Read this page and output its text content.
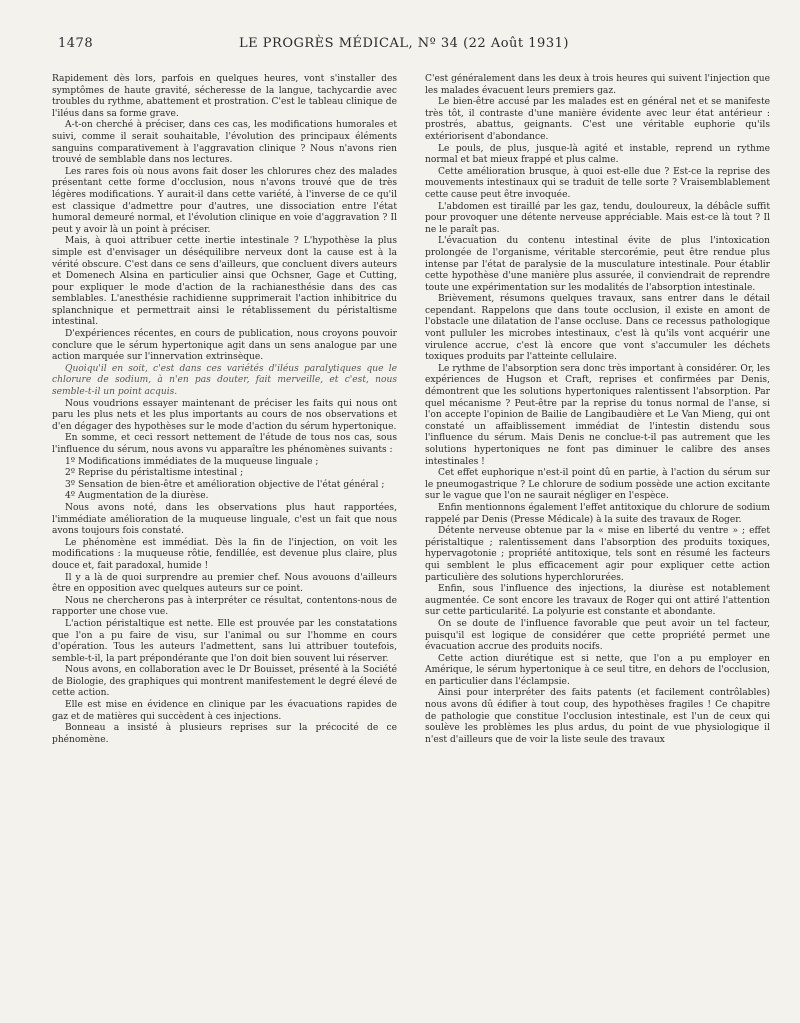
1478	LE PROGRÈS MÉDICAL, Nº 34 (22 Août 1931)

Rapidement dès lors, parfois en quelques heures, vont s'installer des symptômes de haute gravité, sécheresse de la langue, tachycardie avec troubles du rythme, abattement et prostration. C'est le tableau clinique de l'iléus dans sa forme grave.

A-t-on cherché à préciser, dans ces cas, les modifications humorales et suivi, comme il serait souhaitable, l'évolution des principaux éléments sanguins comparativement à l'aggravation clinique ? Nous n'avons rien trouvé de semblable dans nos lectures.

Les rares fois où nous avons fait doser les chlorures chez des malades présentant cette forme d'occlusion, nous n'avons trouvé que de très légères modifications. Y aurait-il dans cette variété, à l'inverse de ce qu'il est classique d'admettre pour d'autres, une dissociation entre l'état humoral demeuré normal, et l'évolution clinique en voie d'aggravation ? Il peut y avoir là un point à préciser.

Mais, à quoi attribuer cette inertie intestinale ? L'hypothèse la plus simple est d'envisager un déséquilibre nerveux dont la cause est à la vérité obscure. C'est dans ce sens d'ailleurs, que concluent divers auteurs et Domenech Alsina en particulier ainsi que Ochsner, Gage et Cutting, pour expliquer le mode d'action de la rachianesthésie dans des cas semblables. L'anesthésie rachidienne supprimerait l'action inhibitrice du splanchnique et permettrait ainsi le rétablissement du péristaltisme intestinal.

D'expériences récentes, en cours de publication, nous croyons pouvoir conclure que le sérum hypertonique agit dans un sens analogue par une action marquée sur l'innervation extrinsèque.

Quoiqu'il en soit, c'est dans ces variétés d'iléus paralytiques que le chlorure de sodium, à n'en pas douter, fait merveille, et c'est, nous semble-t-il un point acquis.

Nous voudrions essayer maintenant de préciser les faits qui nous ont paru les plus nets et les plus importants au cours de nos observations et d'en dégager des hypothèses sur le mode d'action du sérum hypertonique.

En somme, et ceci ressort nettement de l'étude de tous nos cas, sous l'influence du sérum, nous avons vu apparaître les phénomènes suivants :

1º Modifications immédiates de la muqueuse linguale ;

2º Reprise du péristaltisme intestinal ;

3º Sensation de bien-être et amélioration objective de l'état général ;

4º Augmentation de la diurèse.

Nous avons noté, dans les observations plus haut rapportées, l'immédiate amélioration de la muqueuse linguale, c'est un fait que nous avons toujours fois constaté.

Le phénomène est immédiat. Dès la fin de l'injection, on voit les modifications : la muqueuse rôtie, fendillée, est devenue plus claire, plus douce et, fait paradoxal, humide !

Il y a là de quoi surprendre au premier chef. Nous avouons d'ailleurs être en opposition avec quelques auteurs sur ce point.

Nous ne chercherons pas à interpréter ce résultat, contentons-nous de rapporter une chose vue.

L'action péristaltique est nette. Elle est prouvée par les constatations que l'on a pu faire de visu, sur l'animal ou sur l'homme en cours d'opération. Tous les auteurs l'admettent, sans lui attribuer toutefois, semble-t-il, la part prépondérante que l'on doit bien souvent lui réserver.

Nous avons, en collaboration avec le Dr Bouisset, présenté à la Société de Biologie, des graphiques qui montrent manifestement le degré élevé de cette action.

Elle est mise en évidence en clinique par les évacuations rapides de gaz et de matières qui succèdent à ces injections.

Bonneau a insisté à plusieurs reprises sur la précocité de ce phénomène.

C'est généralement dans les deux à trois heures qui suivent l'injection que les malades évacuent leurs premiers gaz.

Le bien-être accusé par les malades est en général net et se manifeste très tôt, il contraste d'une manière évidente avec leur état antérieur : prostrés, abattus, geignants. C'est une véritable euphorie qu'ils extériorisent d'abondance.

Le pouls, de plus, jusque-là agité et instable, reprend un rythme normal et bat mieux frappé et plus calme.

Cette amélioration brusque, à quoi est-elle due ? Est-ce la reprise des mouvements intestinaux qui se traduit de telle sorte ? Vraisemblablement cette cause peut être invoquée.

L'abdomen est tiraillé par les gaz, tendu, douloureux, la débâcle suffit pour provoquer une détente nerveuse appréciable. Mais est-ce là tout ? Il ne le paraît pas.

L'évacuation du contenu intestinal évite de plus l'intoxication prolongée de l'organisme, véritable stercorémie, peut être rendue plus intense par l'état de paralysie de la musculature intestinale. Pour établir cette hypothèse d'une manière plus assurée, il conviendrait de reprendre toute une expérimentation sur les modalités de l'absorption intestinale.

Brièvement, résumons quelques travaux, sans entrer dans le détail cependant. Rappelons que dans toute occlusion, il existe en amont de l'obstacle une dilatation de l'anse occluse. Dans ce recessus pathologique vont pulluler les microbes intestinaux, c'est là qu'ils vont acquérir une virulence accrue, c'est là encore que vont s'accumuler les déchets toxiques produits par l'atteinte cellulaire.

Le rythme de l'absorption sera donc très important à considérer. Or, les expériences de Hugson et Craft, reprises et confirmées par Denis, démontrent que les solutions hypertoniques ralentissent l'absorption. Par quel mécanisme ? Peut-être par la reprise du tonus normal de l'anse, si l'on accepte l'opinion de Bailie de Langibaudière et Le Van Mieng, qui ont constaté un affaiblissement immédiat de l'intestin distendu sous l'influence du sérum. Mais Denis ne conclue-t-il pas autrement que les solutions hypertoniques ne font pas diminuer le calibre des anses intestinales !

Cet effet euphorique n'est-il point dû en partie, à l'action du sérum sur le pneumogastrique ? Le chlorure de sodium possède une action excitante sur le vague que l'on ne saurait négliger en l'espèce.

Enfin mentionnons également l'effet antitoxique du chlorure de sodium rappelé par Denis (Presse Médicale) à la suite des travaux de Roger.

Détente nerveuse obtenue par la « mise en liberté du ventre » ; effet péristaltique ; ralentissement dans l'absorption des produits toxiques, hypervagotonie ; propriété antitoxique, tels sont en résumé les facteurs qui semblent le plus efficacement agir pour expliquer cette action particulière des solutions hyperchlorurées.

Enfin, sous l'influence des injections, la diurèse est notablement augmentée. Ce sont encore les travaux de Roger qui ont attiré l'attention sur cette particularité. La polyurie est constante et abondante.

On se doute de l'influence favorable que peut avoir un tel facteur, puisqu'il est logique de considérer que cette propriété permet une évacuation accrue des produits nocifs.

Cette action diurétique est si nette, que l'on a pu employer en Amérique, le sérum hypertonique à ce seul titre, en dehors de l'occlusion, en particulier dans l'éclampsie.

Ainsi pour interpréter des faits patents (et facilement contrôlables) nous avons dû édifier à tout coup, des hypothèses fragiles ! Ce chapitre de pathologie que constitue l'occlusion intestinale, est l'un de ceux qui soulève les problèmes les plus ardus, du point de vue physiologique il n'est d'ailleurs que de voir la liste seule des travaux
